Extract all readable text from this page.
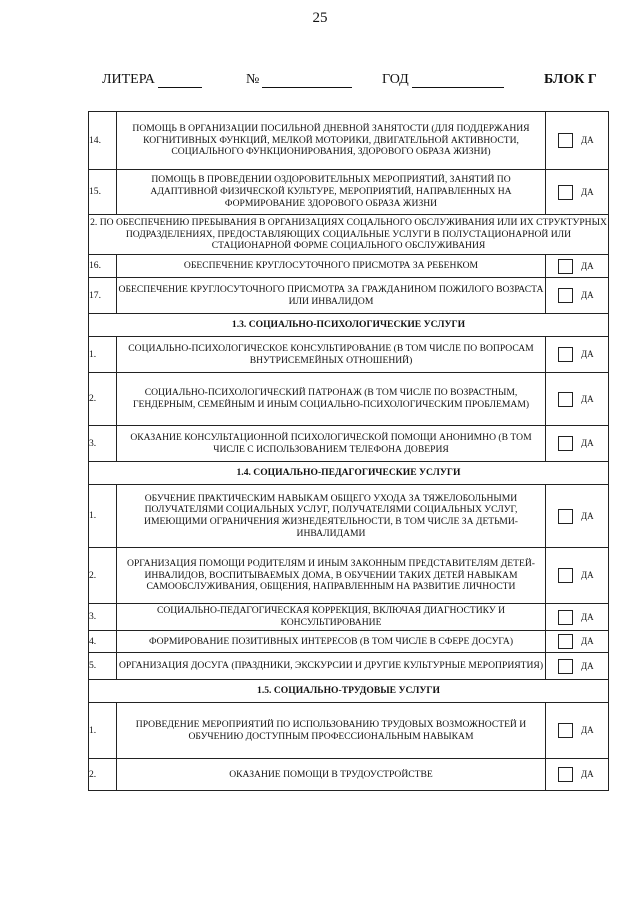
25
ЛИТЕРА	№	ГОД	БЛОК Г
14.	ПОМОЩЬ В ОРГАНИЗАЦИИ ПОСИЛЬНОЙ ДНЕВНОЙ ЗАНЯТОСТИ (ДЛЯ ПОДДЕРЖАНИЯ КОГНИТИВНЫХ ФУНКЦИЙ, МЕЛКОЙ МОТОРИКИ, ДВИГАТЕЛЬНОЙ АКТИВНОСТИ, СОЦИАЛЬНОГО ФУНКЦИОНИРОВАНИЯ, ЗДОРОВОГО ОБРАЗА ЖИЗНИ)	ДА

15.	ПОМОЩЬ В ПРОВЕДЕНИИ ОЗДОРОВИТЕЛЬНЫХ МЕРОПРИЯТИЙ, ЗАНЯТИЙ ПО АДАПТИВНОЙ ФИЗИЧЕСКОЙ КУЛЬТУРЕ, МЕРОПРИЯТИЙ, НАПРАВЛЕННЫХ НА ФОРМИРОВАНИЕ ЗДОРОВОГО ОБРАЗА ЖИЗНИ	ДА

2. ПО ОБЕСПЕЧЕНИЮ ПРЕБЫВАНИЯ В ОРГАНИЗАЦИЯХ СОЦАЛЬНОГО ОБСЛУЖИВАНИЯ ИЛИ ИХ СТРУКТУРНЫХ ПОДРАЗДЕЛЕНИЯХ, ПРЕДОСТАВЛЯЮЩИХ СОЦИАЛЬНЫЕ УСЛУГИ В ПОЛУСТАЦИОНАРНОЙ ИЛИ СТАЦИОНАРНОЙ ФОРМЕ СОЦИАЛЬНОГО ОБСЛУЖИВАНИЯ		
16.	ОБЕСПЕЧЕНИЕ КРУГЛОСУТОЧНОГО ПРИСМОТРА ЗА РЕБЕНКОМ	ДА

17.	ОБЕСПЕЧЕНИЕ КРУГЛОСУТОЧНОГО ПРИСМОТРА ЗА ГРАЖДАНИНОМ ПОЖИЛОГО ВОЗРАСТА ИЛИ ИНВАЛИДОМ	ДА

1.3. СОЦИАЛЬНО-ПСИХОЛОГИЧЕСКИЕ УСЛУГИ		
1.	СОЦИАЛЬНО-ПСИХОЛОГИЧЕСКОЕ КОНСУЛЬТИРОВАНИЕ (В ТОМ ЧИСЛЕ ПО ВОПРОСАМ ВНУТРИСЕМЕЙНЫХ ОТНОШЕНИЙ)	ДА

2.	СОЦИАЛЬНО-ПСИХОЛОГИЧЕСКИЙ ПАТРОНАЖ (В ТОМ ЧИСЛЕ ПО ВОЗРАСТНЫМ, ГЕНДЕРНЫМ, СЕМЕЙНЫМ И ИНЫМ СОЦИАЛЬНО-ПСИХОЛОГИЧЕСКИМ ПРОБЛЕМАМ)	ДА

3.	ОКАЗАНИЕ КОНСУЛЬТАЦИОННОЙ ПСИХОЛОГИЧЕСКОЙ ПОМОЩИ АНОНИМНО (В ТОМ ЧИСЛЕ С ИСПОЛЬЗОВАНИЕМ ТЕЛЕФОНА ДОВЕРИЯ	ДА

1.4. СОЦИАЛЬНО-ПЕДАГОГИЧЕСКИЕ УСЛУГИ		
1.	ОБУЧЕНИЕ ПРАКТИЧЕСКИМ НАВЫКАМ ОБЩЕГО УХОДА ЗА ТЯЖЕЛОБОЛЬНЫМИ ПОЛУЧАТЕЛЯМИ СОЦИАЛЬНЫХ УСЛУГ, ПОЛУЧАТЕЛЯМИ СОЦИАЛЬНЫХ УСЛУГ, ИМЕЮЩИМИ ОГРАНИЧЕНИЯ ЖИЗНЕДЕЯТЕЛЬНОСТИ, В ТОМ ЧИСЛЕ ЗА ДЕТЬМИ-ИНВАЛИДАМИ	ДА

2.	ОРГАНИЗАЦИЯ ПОМОЩИ РОДИТЕЛЯМ И ИНЫМ ЗАКОННЫМ ПРЕДСТАВИТЕЛЯМ ДЕТЕЙ-ИНВАЛИДОВ, ВОСПИТЫВАЕМЫХ ДОМА, В ОБУЧЕНИИ ТАКИХ ДЕТЕЙ НАВЫКАМ САМООБСЛУЖИВАНИЯ, ОБЩЕНИЯ, НАПРАВЛЕННЫМ НА РАЗВИТИЕ ЛИЧНОСТИ	ДА

3.	СОЦИАЛЬНО-ПЕДАГОГИЧЕСКАЯ КОРРЕКЦИЯ, ВКЛЮЧАЯ ДИАГНОСТИКУ И КОНСУЛЬТИРОВАНИЕ	ДА

4.	ФОРМИРОВАНИЕ ПОЗИТИВНЫХ ИНТЕРЕСОВ (В ТОМ ЧИСЛЕ В СФЕРЕ ДОСУГА)	ДА

5.	ОРГАНИЗАЦИЯ ДОСУГА (ПРАЗДНИКИ, ЭКСКУРСИИ И ДРУГИЕ КУЛЬТУРНЫЕ МЕРОПРИЯТИЯ)	ДА

1.5. СОЦИАЛЬНО-ТРУДОВЫЕ УСЛУГИ		
1.	ПРОВЕДЕНИЕ МЕРОПРИЯТИЙ ПО ИСПОЛЬЗОВАНИЮ ТРУДОВЫХ ВОЗМОЖНОСТЕЙ И ОБУЧЕНИЮ ДОСТУПНЫМ ПРОФЕССИОНАЛЬНЫМ НАВЫКАМ	ДА

2.	ОКАЗАНИЕ ПОМОЩИ В ТРУДОУСТРОЙСТВЕ	ДА
